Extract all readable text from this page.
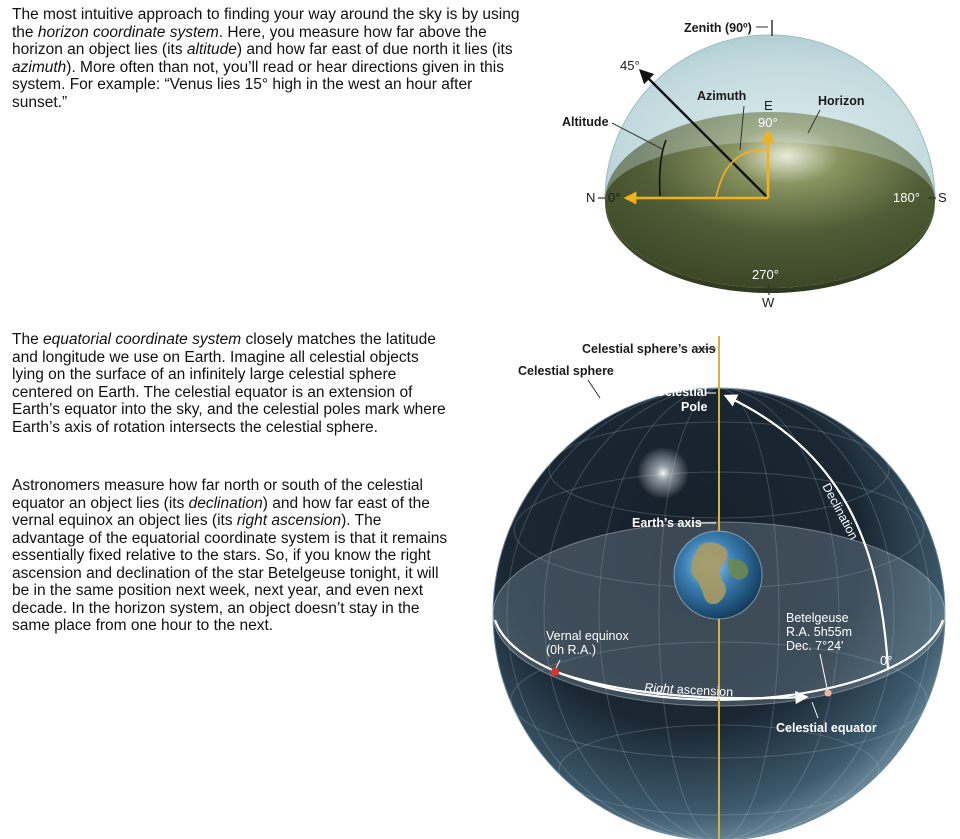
The most intuitive approach to finding your way around the sky is by using the horizon coordinate system. Here, you measure how far above the horizon an object lies (its altitude) and how far east of due north it lies (its azimuth). More often than not, you’ll read or hear directions given in this system. For example: “Venus lies 15° high in the west an hour after sunset.”

The equatorial coordinate system closely matches the latitude and longitude we use on Earth. Imagine all celestial objects lying on the surface of an infinitely large celestial sphere centered on Earth. The celestial equator is an extension of Earth’s equator into the sky, and the celestial poles mark where Earth’s axis of rotation intersects the celestial sphere.

Astronomers measure how far north or south of the celestial equator an object lies (its declination) and how far east of the vernal equinox an object lies (its right ascension). The advantage of the equatorial coordinate system is that it remains essentially fixed relative to the stars. So, if you know the right ascension and declination of the star Betelgeuse tonight, it will be in the same position next week, next year, and even next decade. In the horizon system, an object doesn’t stay in the same place from one hour to the next.

Zenith (90º)
45°
Azimuth
E
90°
Horizon
Altitude
N 0°	180° S
270°
W
Celestial sphere’s axis
Celestial sphere
North Celestial
Pole
90°
Declination
Earth’s axis
Vernal equinox
(0h R.A.)
Betelgeuse
R.A. 5h55m
Dec. 7°24'
0°
Right ascension
Celestial equator
